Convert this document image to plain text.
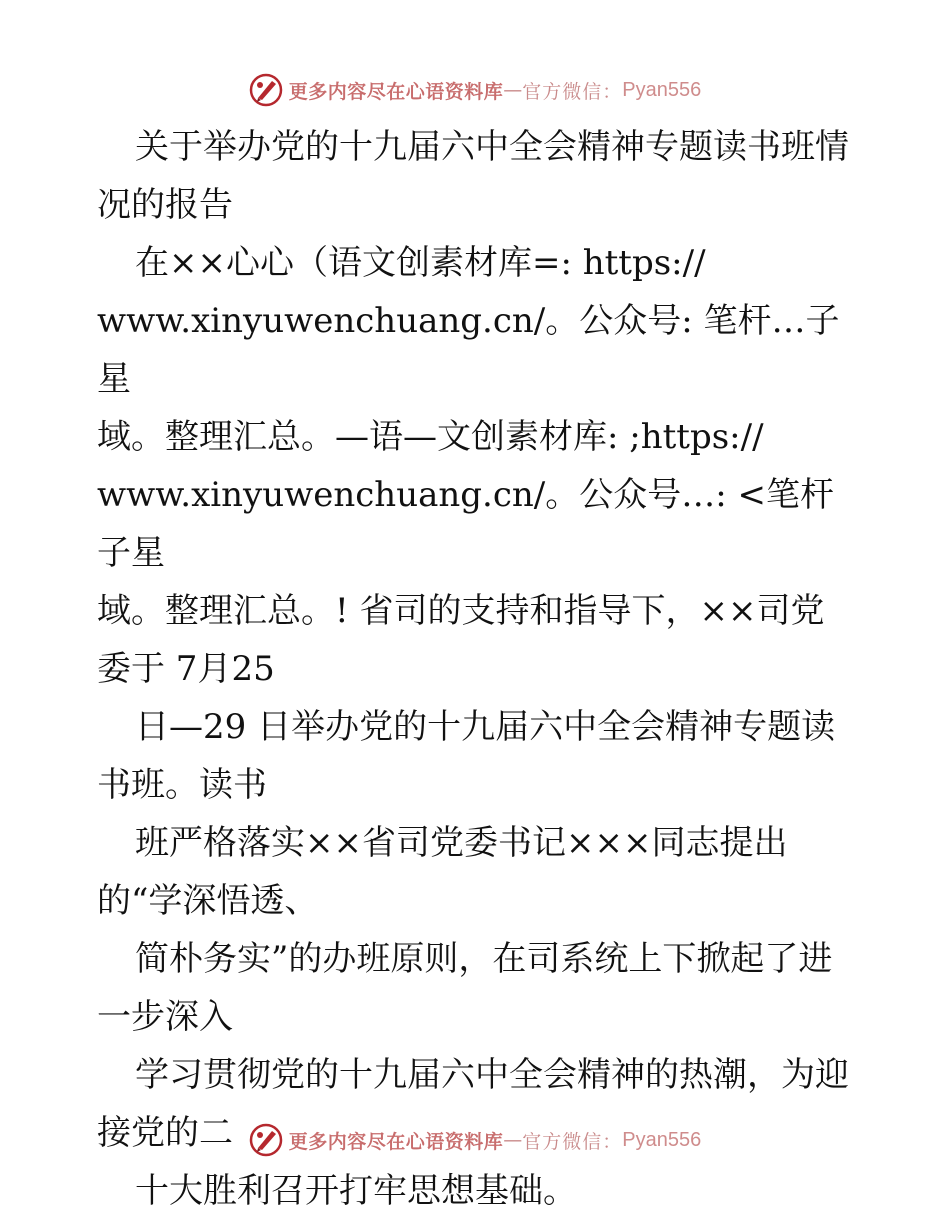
更多内容尽在心语资料库 — 官方微信： Pyan556

关于举办党的十九届六中全会精神专题读书班情
况的报告

在××心心（语文创素材库=: https://
www.xinyuwenchuang.cn/。公众号: 笔杆…子星
域。整理汇总。—语—文创素材库: ;https://
www.xinyuwenchuang.cn/。公众号…: <笔杆子星
域。整理汇总。! 省司的支持和指导下，××司党
委于 7月25

日—29 日举办党的十九届六中全会精神专题读
书班。读书

班严格落实××省司党委书记×××同志提出
的“学深悟透、

简朴务实”的办班原则，在司系统上下掀起了进
一步深入

学习贯彻党的十九届六中全会精神的热潮，为迎
接党的二

十大胜利召开打牢思想基础。

更多内容尽在心语资料库 — 官方微信： Pyan556
